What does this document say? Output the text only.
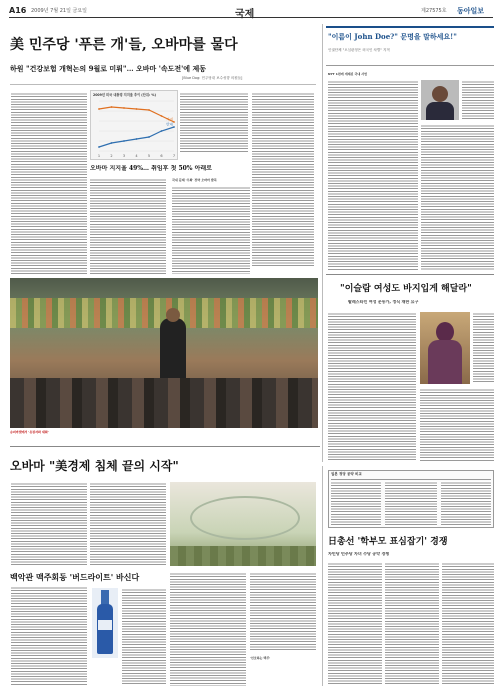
A16 2009년 7월 21일 금요일	국제	제27575호 동아일보
美 민주당 '푸른 개'들, 오바마를 물다
하원 "건강보험 개혁논의 9월로 미뤄"… 오바마 '속도전'에 제동
[Blue Dog: 민주당내 보수성향 의원들]
2009년 미국 대통령 지지율 추이 (단위: %)
1	2	3	4	5	6	7
지지
반대
오바마 지지율 49%… 취임후 첫 50% 아래로
국내 문제 '우회' 전략 오바마 발목
슈퍼마켓에서 '유권자와 대화'
"이름이 John Doe?" 문명을 말하세요!"
인권단체 "오심판정은 외국인 차별" 지적
NYT 1면에 게재된 국내 사연
"이슬람 여성도 바지입게 해달라"
팔레스타인 여성 운동가, 정식 재판 요구
오바마 "美경제 침체 끝의 시작"
백악관 맥주회동 '버드라이트' 바신다
'선호하는 맥주'
일본 정당 공약 비교
日총선 '학부모 표심잡기' 경쟁
자민당 민주당 자녀 수당 공약 경쟁
